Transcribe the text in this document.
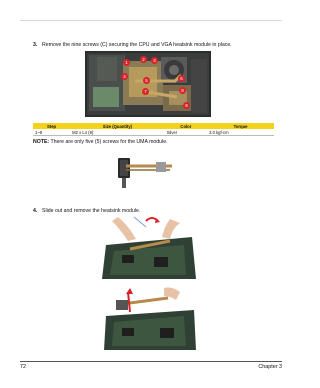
3. Remove the nine screws (C) securing the CPU and VGA heatsink module in place.
1
2	3
4
5	6
7	8
9
Step	Size (Quantity)	Color	Torque
1~9	M2 x L4 (9)	Silver	3.0 kgf-cm
NOTE: There are only five (5) screws for the UMA module.
4. Slide out and remove the heatsink module.
72	Chapter 3
